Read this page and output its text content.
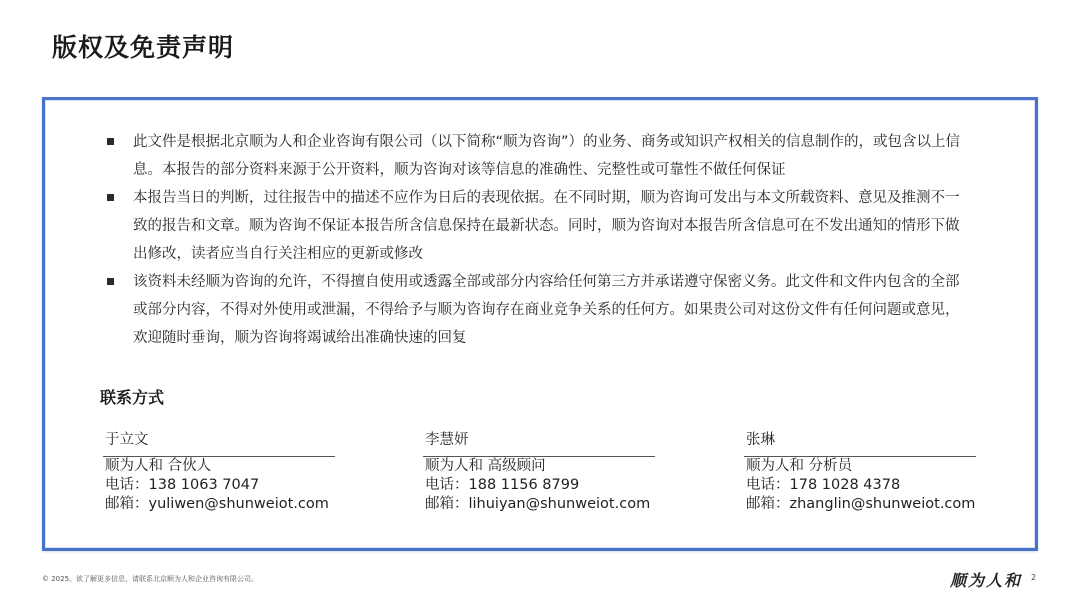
版权及免责声明
此文件是根据北京顺为人和企业咨询有限公司（以下简称“顺为咨询”）的业务、商务或知识产权相关的信息制作的，或包含以上信息。本报告的部分资料来源于公开资料，顺为咨询对该等信息的准确性、完整性或可靠性不做任何保证
本报告当日的判断，过往报告中的描述不应作为日后的表现依据。在不同时期，顺为咨询可发出与本文所载资料、意见及推测不一致的报告和文章。顺为咨询不保证本报告所含信息保持在最新状态。同时，顺为咨询对本报告所含信息可在不发出通知的情形下做出修改，读者应当自行关注相应的更新或修改
该资料未经顺为咨询的允许，不得擅自使用或透露全部或部分内容给任何第三方并承诺遵守保密义务。此文件和文件内包含的全部或部分内容，不得对外使用或泄漏，不得给予与顺为咨询存在商业竞争关系的任何方。如果贵公司对这份文件有任何问题或意见，欢迎随时垂询，顺为咨询将竭诚给出准确快速的回复
联系方式
于立文
顺为人和 合伙人
电话：138 1063 7047
邮箱：yuliwen@shunweiot.com
李慧妍
顺为人和 高级顾问
电话：188 1156 8799
邮箱：lihuiyan@shunweiot.com
张琳
顺为人和 分析员
电话：178 1028 4378
邮箱：zhanglin@shunweiot.com
© 2025。欲了解更多信息，请联系北京顺为人和企业咨询有限公司。	顺为人和 2
